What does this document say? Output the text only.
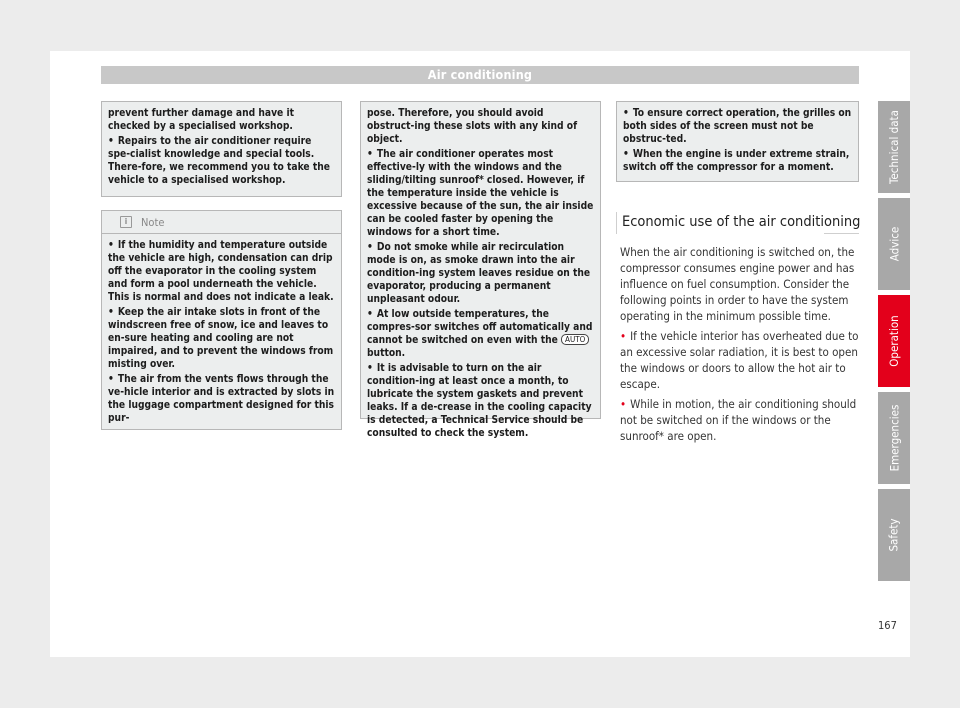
Air conditioning

prevent further damage and have it checked by a specialised workshop.

• Repairs to the air conditioner require spe-cialist knowledge and special tools. There-fore, we recommend you to take the vehicle to a specialised workshop.

i	Note

• If the humidity and temperature outside the vehicle are high, condensation can drip off the evaporator in the cooling system and form a pool underneath the vehicle. This is normal and does not indicate a leak.

• Keep the air intake slots in front of the windscreen free of snow, ice and leaves to en-sure heating and cooling are not impaired, and to prevent the windows from misting over.

• The air from the vents flows through the ve-hicle interior and is extracted by slots in the luggage compartment designed for this pur-

pose. Therefore, you should avoid obstruct-ing these slots with any kind of object.

• The air conditioner operates most effective-ly with the windows and the sliding/tilting sunroof* closed. However, if the temperature inside the vehicle is excessive because of the sun, the air inside can be cooled faster by opening the windows for a short time.

• Do not smoke while air recirculation mode is on, as smoke drawn into the air condition-ing system leaves residue on the evaporator, producing a permanent unpleasant odour.

• At low outside temperatures, the compres-sor switches off automatically and cannot be switched on even with the AUTO button.

• It is advisable to turn on the air condition-ing at least once a month, to lubricate the system gaskets and prevent leaks. If a de-crease in the cooling capacity is detected, a Technical Service should be consulted to check the system.

• To ensure correct operation, the grilles on both sides of the screen must not be obstruc-ted.

• When the engine is under extreme strain, switch off the compressor for a moment.

Economic use of the air conditioning

When the air conditioning is switched on, the compressor consumes engine power and has influence on fuel consumption. Consider the following points in order to have the system operating in the minimum possible time.

• If the vehicle interior has overheated due to an excessive solar radiation, it is best to open the windows or doors to allow the hot air to escape.

• While in motion, the air conditioning should not be switched on if the windows or the sunroof* are open.

Technical data
Advice
Operation
Emergencies
Safety
167
